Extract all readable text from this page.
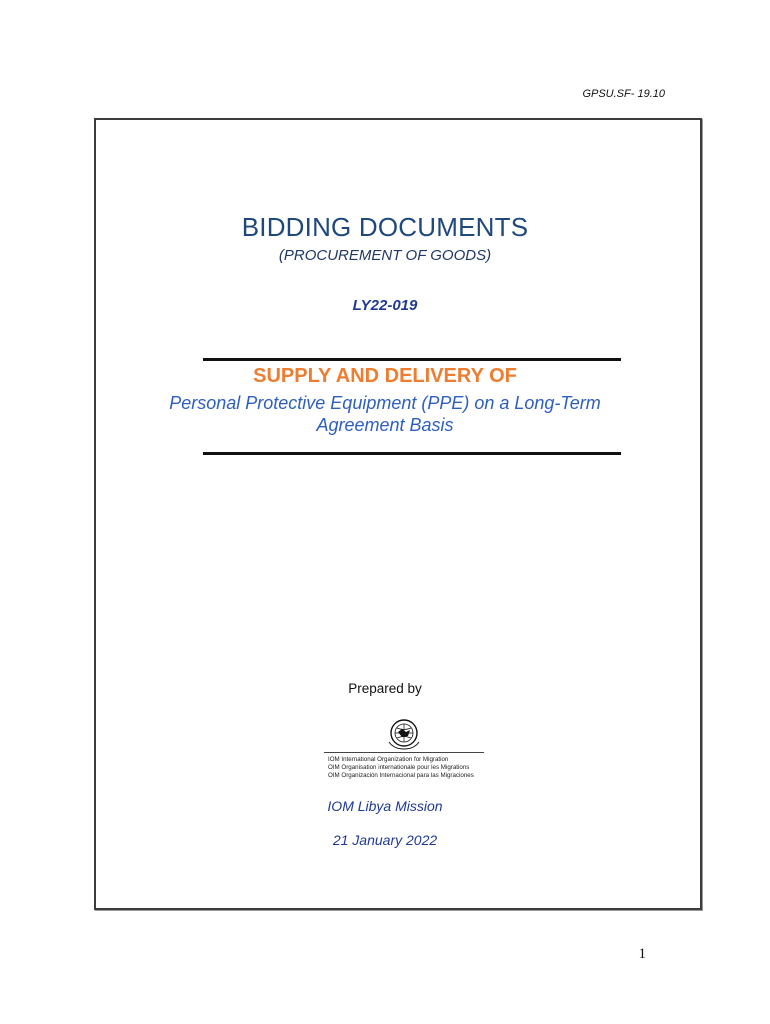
GPSU.SF- 19.10
BIDDING DOCUMENTS
(PROCUREMENT OF GOODS)
LY22-019
SUPPLY AND DELIVERY OF
Personal Protective Equipment (PPE) on a Long-Term
Agreement Basis
Prepared by
IOM International Organization for Migration
OIM Organisation internationale pour les Migrations
OIM Organización Internacional para las Migraciones
IOM Libya Mission
21 January 2022
1
